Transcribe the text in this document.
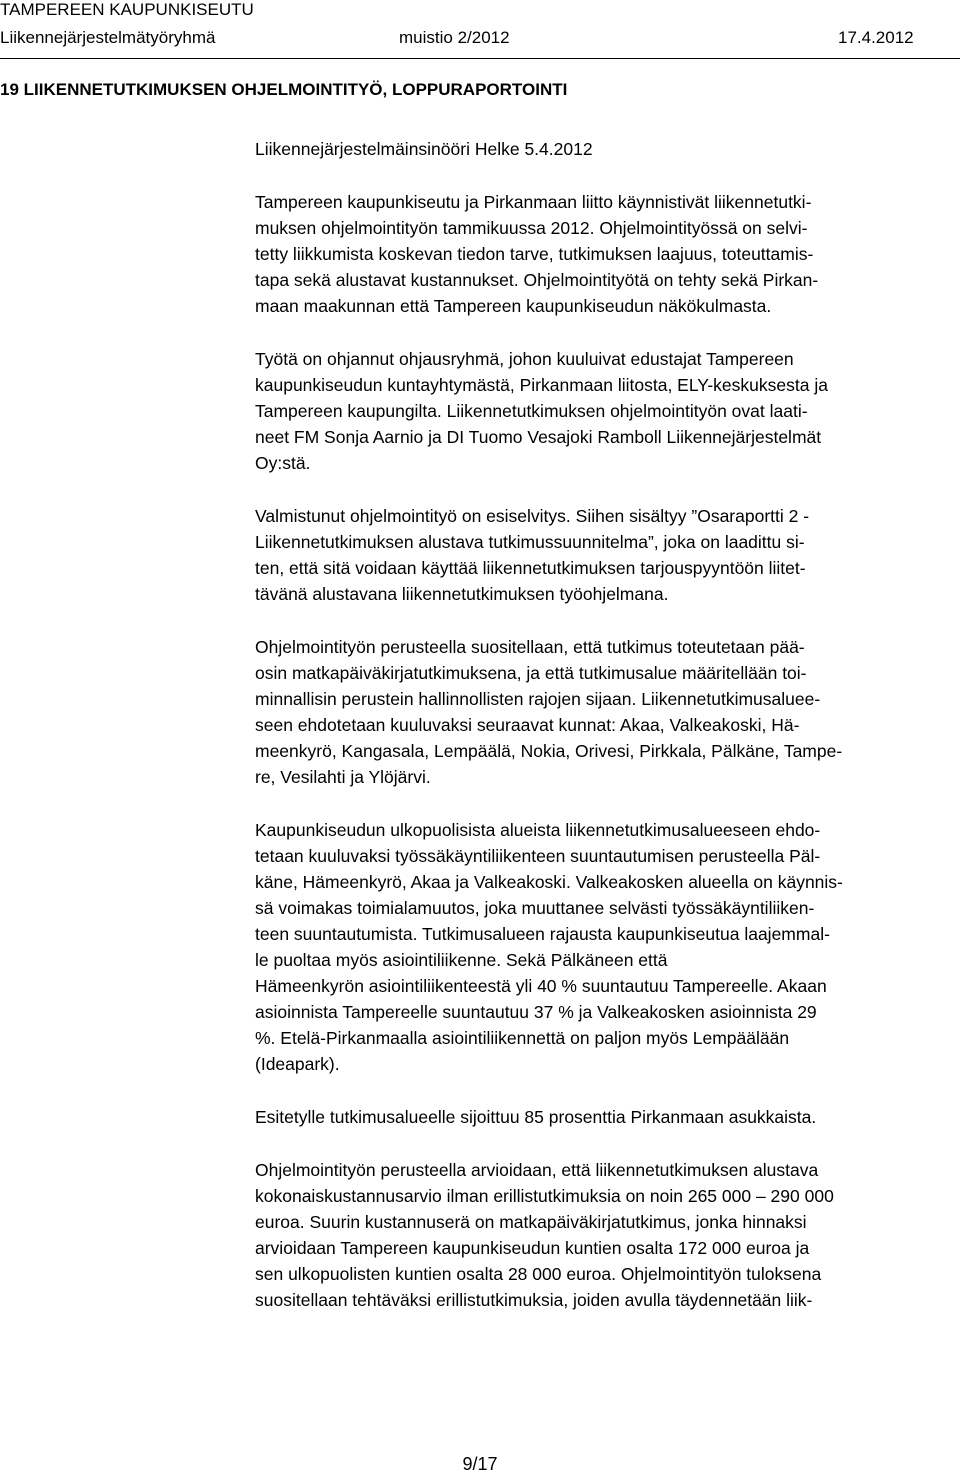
TAMPEREEN KAUPUNKISEUTU
Liikennejärjestelmätyöryhmä	muistio 2/2012	17.4.2012
19 LIIKENNETUTKIMUKSEN OHJELMOINTITYÖ, LOPPURAPORTOINTI
Liikennejärjestelmäinsinööri Helke 5.4.2012
Tampereen kaupunkiseutu ja Pirkanmaan liitto käynnistivät liikennetutki-
muksen ohjelmointityön tammikuussa 2012. Ohjelmointityössä on selvi-
tetty liikkumista koskevan tiedon tarve, tutkimuksen laajuus, toteuttamis-
tapa sekä alustavat kustannukset. Ohjelmointityötä on tehty sekä Pirkan-
maan maakunnan että Tampereen kaupunkiseudun näkökulmasta.
Työtä on ohjannut ohjausryhmä, johon kuuluivat edustajat Tampereen
kaupunkiseudun kuntayhtymästä, Pirkanmaan liitosta, ELY-keskuksesta ja
Tampereen kaupungilta. Liikennetutkimuksen ohjelmointityön ovat laati-
neet FM Sonja Aarnio ja DI Tuomo Vesajoki Ramboll Liikennejärjestelmät
Oy:stä.
Valmistunut ohjelmointityö on esiselvitys. Siihen sisältyy ”Osaraportti 2 -
Liikennetutkimuksen alustava tutkimussuunnitelma”, joka on laadittu si-
ten, että sitä voidaan käyttää liikennetutkimuksen tarjouspyyntöön liitet-
tävänä alustavana liikennetutkimuksen työohjelmana.
Ohjelmointityön perusteella suositellaan, että tutkimus toteutetaan pää-
osin matkapäiväkirjatutkimuksena, ja että tutkimusalue määritellään toi-
minnallisin perustein hallinnollisten rajojen sijaan. Liikennetutkimusaluee-
seen ehdotetaan kuuluvaksi seuraavat kunnat: Akaa, Valkeakoski, Hä-
meenkyrö, Kangasala, Lempäälä, Nokia, Orivesi, Pirkkala, Pälkäne, Tampe-
re, Vesilahti ja Ylöjärvi.
Kaupunkiseudun ulkopuolisista alueista liikennetutkimusalueeseen ehdo-
tetaan kuuluvaksi työssäkäyntiliikenteen suuntautumisen perusteella Päl-
käne, Hämeenkyrö, Akaa ja Valkeakoski. Valkeakosken alueella on käynnis-
sä voimakas toimialamuutos, joka muuttanee selvästi työssäkäyntiliiken-
teen suuntautumista. Tutkimusalueen rajausta kaupunkiseutua laajemmal-
le puoltaa myös asiointiliikenne. Sekä Pälkäneen että
Hämeenkyrön asiointiliikenteestä yli 40 % suuntautuu Tampereelle. Akaan
asioinnista Tampereelle suuntautuu 37 % ja Valkeakosken asioinnista 29
%. Etelä-Pirkanmaalla asiointiliikennettä on paljon myös Lempäälään
(Ideapark).
Esitetylle tutkimusalueelle sijoittuu 85 prosenttia Pirkanmaan asukkaista.
Ohjelmointityön perusteella arvioidaan, että liikennetutkimuksen alustava
kokonaiskustannusarvio ilman erillistutkimuksia on noin 265 000 – 290 000
euroa. Suurin kustannuserä on matkapäiväkirjatutkimus, jonka hinnaksi
arvioidaan Tampereen kaupunkiseudun kuntien osalta 172 000 euroa ja
sen ulkopuolisten kuntien osalta 28 000 euroa. Ohjelmointityön tuloksena
suositellaan tehtäväksi erillistutkimuksia, joiden avulla täydennetään liik-
9/17
